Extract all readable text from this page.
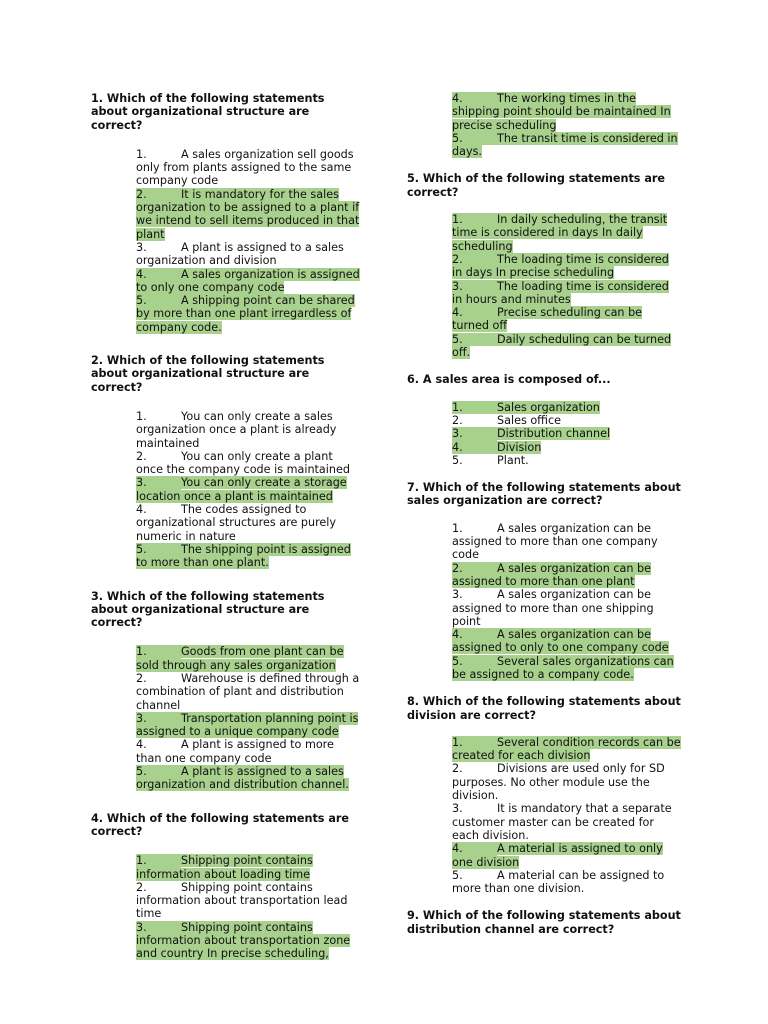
1. Which of the following statements about organizational structure are correct?

1.	A sales organization sell goods only from plants assigned to the same company code
2.	It is mandatory for the sales organization to be assigned to a plant if we intend to sell items produced in that plant
3.	A plant is assigned to a sales organization and division
4.	A sales organization is assigned to only one company code
5.	A shipping point can be shared by more than one plant irregardless of company code.

2. Which of the following statements about organizational structure are correct?

1.	You can only create a sales organization once a plant is already maintained
2.	You can only create a plant once the company code is maintained
3.	You can only create a storage location once a plant is maintained
4.	The codes assigned to organizational structures are purely numeric in nature
5.	The shipping point is assigned to more than one plant.

3. Which of the following statements about organizational structure are correct?

1.	Goods from one plant can be sold through any sales organization
2.	Warehouse is defined through a combination of plant and distribution channel
3.	Transportation planning point is assigned to a unique company code
4.	A plant is assigned to more than one company code
5.	A plant is assigned to a sales organization and distribution channel.

4. Which of the following statements are correct?

1.	Shipping point contains information about loading time
2.	Shipping point contains information about transportation lead time
3.	Shipping point contains information about transportation zone and country In precise scheduling,
4.	The working times in the shipping point should be maintained In precise scheduling
5.	The transit time is considered in days.

5. Which of the following statements are correct?

1.	In daily scheduling, the transit time is considered in days In daily scheduling
2.	The loading time is considered in days In precise scheduling
3.	The loading time is considered in hours and minutes
4.	Precise scheduling can be turned off
5.	Daily scheduling can be turned off.

6. A sales area is composed of...

1.	Sales organization
2.	Sales office
3.	Distribution channel
4.	Division
5.	Plant.

7. Which of the following statements about sales organization are correct?

1.	A sales organization can be assigned to more than one company code
2.	A sales organization can be assigned to more than one plant
3.	A sales organization can be assigned to more than one shipping point
4.	A sales organization can be assigned to only to one company code
5.	Several sales organizations can be assigned to a company code.

8. Which of the following statements about division are correct?

1.	Several condition records can be created for each division
2.	Divisions are used only for SD purposes. No other module use the division.
3.	It is mandatory that a separate customer master can be created for each division.
4.	A material is assigned to only one division
5.	A material can be assigned to more than one division.

9. Which of the following statements about distribution channel are correct?
